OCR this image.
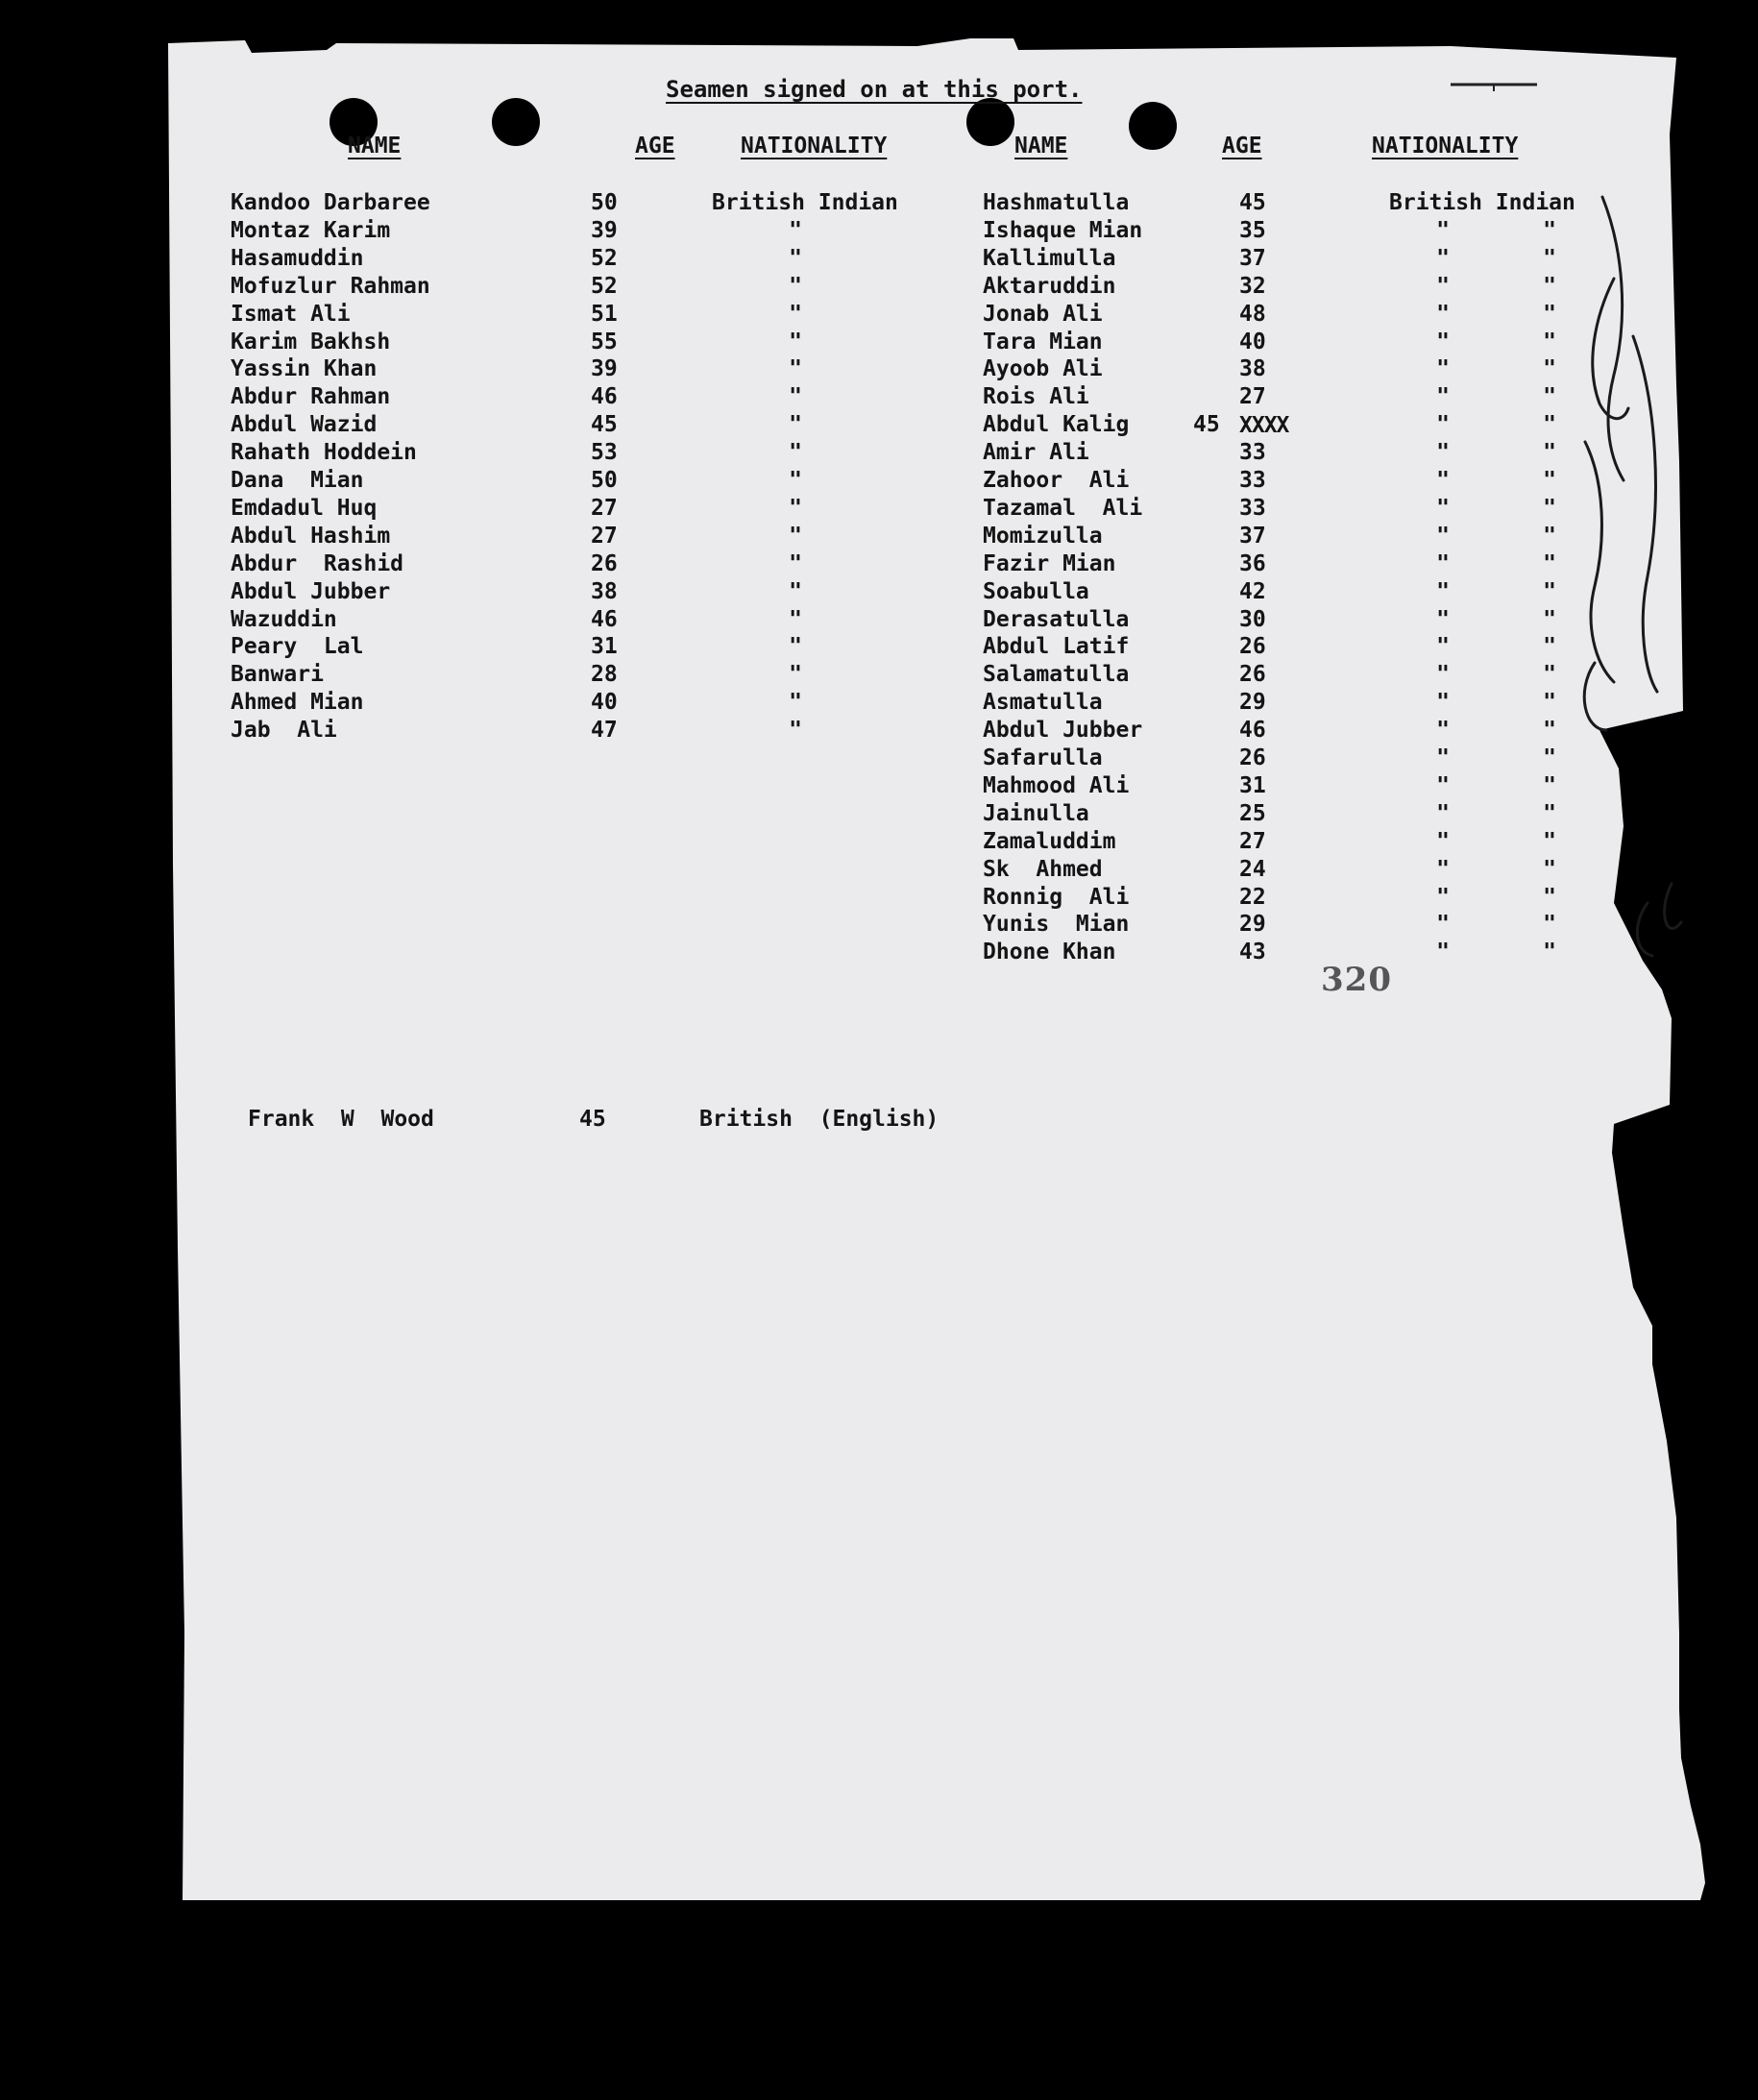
Seamen signed on at this port.
NAME	AGE	NATIONALITY	NAME	AGE	NATIONALITY
Kandoo Darbaree	50	British Indian
Montaz Karim	39	"
Hasamuddin	52	"
Mofuzlur Rahman	52	"
Ismat Ali	51	"
Karim Bakhsh	55	"
Yassin Khan	39	"
Abdur Rahman	46	"
Abdul Wazid	45	"
Rahath Hoddein	53	"
Dana  Mian	50	"
Emdadul Huq	27	"
Abdul Hashim	27	"
Abdur  Rashid	26	"
Abdul Jubber	38	"
Wazuddin	46	"
Peary  Lal	31	"
Banwari	28	"
Ahmed Mian	40	"
Jab  Ali	47	"
Hashmatulla	45	British Indian
Ishaque Mian	35	"	"
Kallimulla	37	"	"
Aktaruddin	32	"	"
Jonab Ali	48	"	"
Tara Mian	40	"	"
Ayoob Ali	38	"	"
Rois Ali	27	"	"
Abdul Kalig	45	"	"
Amir Ali	33	"	"
Zahoor  Ali	33	"	"
Tazamal  Ali	33	"	"
Momizulla	37	"	"
Fazir Mian	36	"	"
Soabulla	42	"	"
Derasatulla	30	"	"
Abdul Latif	26	"	"
Salamatulla	26	"	"
Asmatulla	29	"	"
Abdul Jubber	46	"	"
Safarulla	26	"	"
Mahmood Ali	31	"	"
Jainulla	25	"	"
Zamaluddim	27	"	"
Sk  Ahmed	24	"	"
Ronnig  Ali	22	"	"
Yunis  Mian	29	"	"
Dhone Khan	43	"	"
XXXX
320
Frank  W  Wood	45	British  (English)
